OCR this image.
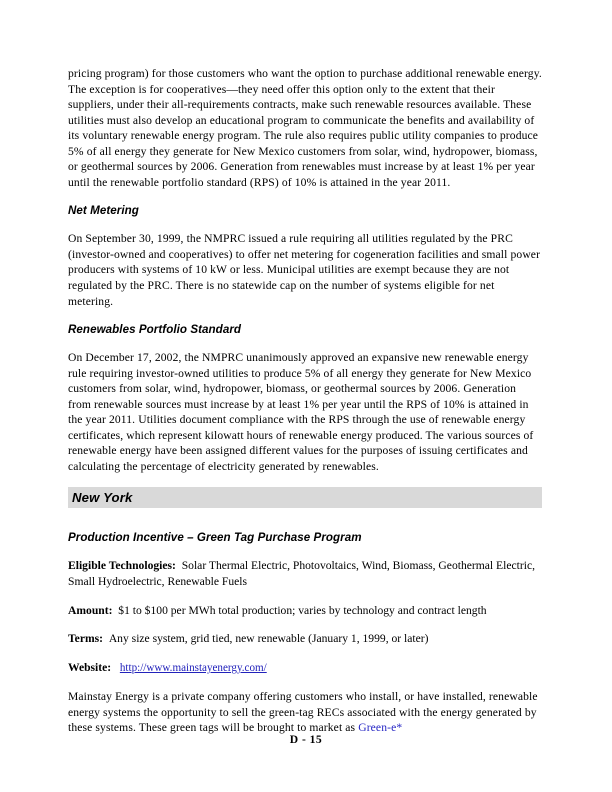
pricing program) for those customers who want the option to purchase additional renewable energy. The exception is for cooperatives—they need offer this option only to the extent that their suppliers, under their all-requirements contracts, make such renewable resources available. These utilities must also develop an educational program to communicate the benefits and availability of its voluntary renewable energy program. The rule also requires public utility companies to produce 5% of all energy they generate for New Mexico customers from solar, wind, hydropower, biomass, or geothermal sources by 2006. Generation from renewables must increase by at least 1% per year until the renewable portfolio standard (RPS) of 10% is attained in the year 2011.

Net Metering

On September 30, 1999, the NMPRC issued a rule requiring all utilities regulated by the PRC (investor-owned and cooperatives) to offer net metering for cogeneration facilities and small power producers with systems of 10 kW or less. Municipal utilities are exempt because they are not regulated by the PRC. There is no statewide cap on the number of systems eligible for net metering.

Renewables Portfolio Standard

On December 17, 2002, the NMPRC unanimously approved an expansive new renewable energy rule requiring investor-owned utilities to produce 5% of all energy they generate for New Mexico customers from solar, wind, hydropower, biomass, or geothermal sources by 2006. Generation from renewable sources must increase by at least 1% per year until the RPS of 10% is attained in the year 2011. Utilities document compliance with the RPS through the use of renewable energy certificates, which represent kilowatt hours of renewable energy produced. The various sources of renewable energy have been assigned different values for the purposes of issuing certificates and calculating the percentage of electricity generated by renewables.

New York
Production Incentive – Green Tag Purchase Program

Eligible Technologies: Solar Thermal Electric, Photovoltaics, Wind, Biomass, Geothermal Electric, Small Hydroelectric, Renewable Fuels

Amount: $1 to $100 per MWh total production; varies by technology and contract length

Terms: Any size system, grid tied, new renewable (January 1, 1999, or later)

Website: http://www.mainstayenergy.com/

Mainstay Energy is a private company offering customers who install, or have installed, renewable energy systems the opportunity to sell the green-tag RECs associated with the energy generated by these systems. These green tags will be brought to market as Green-e*

D - 15
